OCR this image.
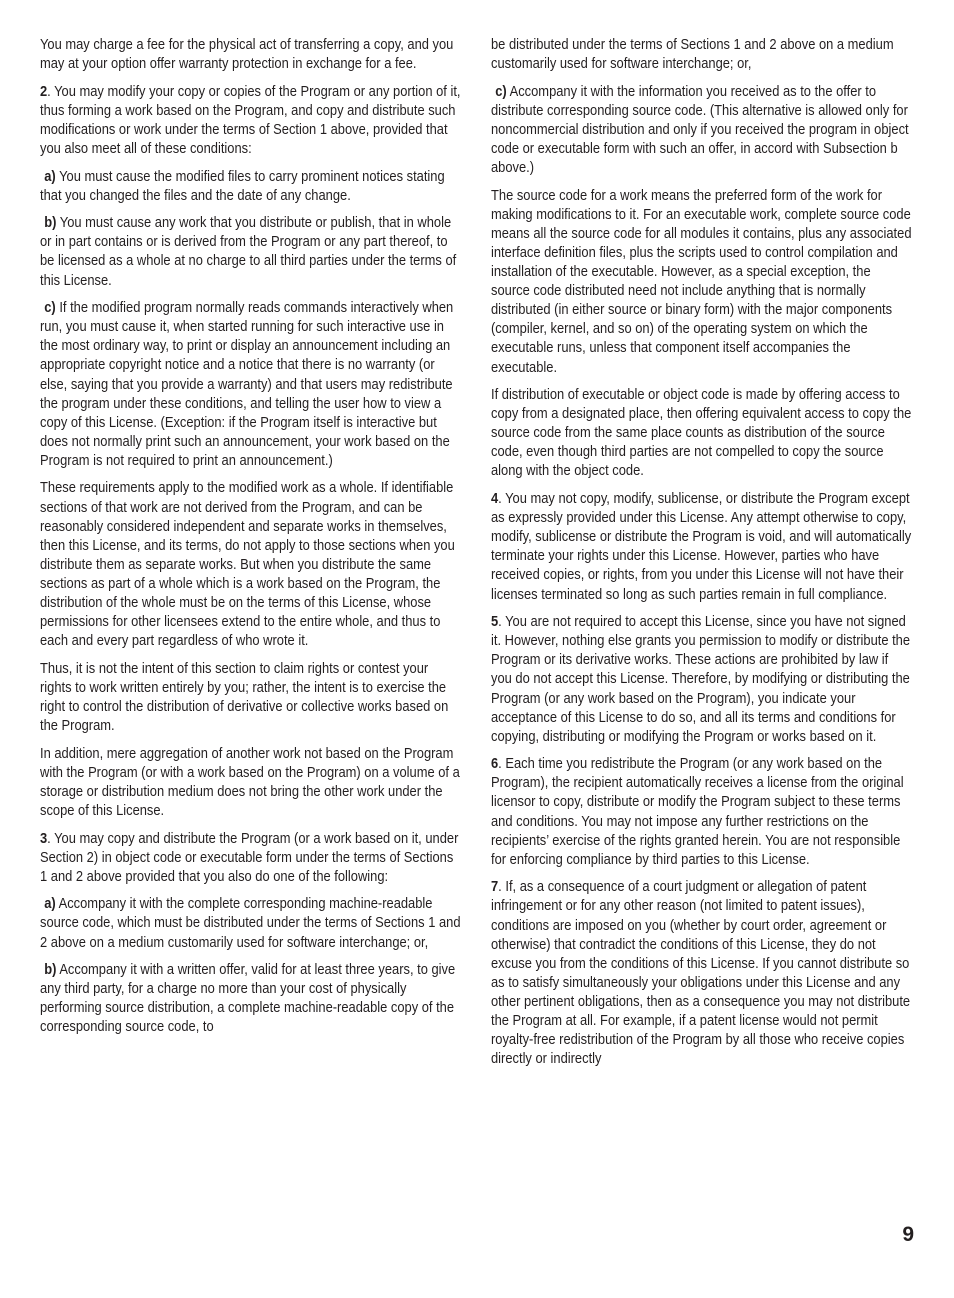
You may charge a fee for the physical act of transferring a copy, and you may at your option offer warranty protection in exchange for a fee.

2. You may modify your copy or copies of the Program or any portion of it, thus forming a work based on the Program, and copy and distribute such modifications or work under the terms of Section 1 above, provided that you also meet all of these conditions:

a) You must cause the modified files to carry prominent notices stating that you changed the files and the date of any change.

b) You must cause any work that you distribute or publish, that in whole or in part contains or is derived from the Program or any part thereof, to be licensed as a whole at no charge to all third parties under the terms of this License.

c) If the modified program normally reads commands interactively when run, you must cause it, when started running for such interactive use in the most ordinary way, to print or display an announcement including an appropriate copyright notice and a notice that there is no warranty (or else, saying that you provide a warranty) and that users may redistribute the program under these conditions, and telling the user how to view a copy of this License. (Exception: if the Program itself is interactive but does not normally print such an announcement, your work based on the Program is not required to print an announcement.)

These requirements apply to the modified work as a whole. If identifiable sections of that work are not derived from the Program, and can be reasonably considered independent and separate works in themselves, then this License, and its terms, do not apply to those sections when you distribute them as separate works. But when you distribute the same sections as part of a whole which is a work based on the Program, the distribution of the whole must be on the terms of this License, whose permissions for other licensees extend to the entire whole, and thus to each and every part regardless of who wrote it.

Thus, it is not the intent of this section to claim rights or contest your rights to work written entirely by you; rather, the intent is to exercise the right to control the distribution of derivative or collective works based on the Program.

In addition, mere aggregation of another work not based on the Program with the Program (or with a work based on the Program) on a volume of a storage or distribution medium does not bring the other work under the scope of this License.

3. You may copy and distribute the Program (or a work based on it, under Section 2) in object code or executable form under the terms of Sections 1 and 2 above provided that you also do one of the following:

a) Accompany it with the complete corresponding machine-readable source code, which must be distributed under the terms of Sections 1 and 2 above on a medium customarily used for software interchange; or,

b) Accompany it with a written offer, valid for at least three years, to give any third party, for a charge no more than your cost of physically performing source distribution, a complete machine-readable copy of the corresponding source code, to

be distributed under the terms of Sections 1 and 2 above on a medium customarily used for software interchange; or,

c) Accompany it with the information you received as to the offer to distribute corresponding source code. (This alternative is allowed only for noncommercial distribution and only if you received the program in object code or executable form with such an offer, in accord with Subsection b above.)

The source code for a work means the preferred form of the work for making modifications to it. For an executable work, complete source code means all the source code for all modules it contains, plus any associated interface definition files, plus the scripts used to control compilation and installation of the executable. However, as a special exception, the source code distributed need not include anything that is normally distributed (in either source or binary form) with the major components (compiler, kernel, and so on) of the operating system on which the executable runs, unless that component itself accompanies the executable.

If distribution of executable or object code is made by offering access to copy from a designated place, then offering equivalent access to copy the source code from the same place counts as distribution of the source code, even though third parties are not compelled to copy the source along with the object code.

4. You may not copy, modify, sublicense, or distribute the Program except as expressly provided under this License. Any attempt otherwise to copy, modify, sublicense or distribute the Program is void, and will automatically terminate your rights under this License. However, parties who have received copies, or rights, from you under this License will not have their licenses terminated so long as such parties remain in full compliance.

5. You are not required to accept this License, since you have not signed it. However, nothing else grants you permission to modify or distribute the Program or its derivative works. These actions are prohibited by law if you do not accept this License. Therefore, by modifying or distributing the Program (or any work based on the Program), you indicate your acceptance of this License to do so, and all its terms and conditions for copying, distributing or modifying the Program or works based on it.

6. Each time you redistribute the Program (or any work based on the Program), the recipient automatically receives a license from the original licensor to copy, distribute or modify the Program subject to these terms and conditions. You may not impose any further restrictions on the recipients’ exercise of the rights granted herein. You are not responsible for enforcing compliance by third parties to this License.

7. If, as a consequence of a court judgment or allegation of patent infringement or for any other reason (not limited to patent issues), conditions are imposed on you (whether by court order, agreement or otherwise) that contradict the conditions of this License, they do not excuse you from the conditions of this License. If you cannot distribute so as to satisfy simultaneously your obligations under this License and any other pertinent obligations, then as a consequence you may not distribute the Program at all. For example, if a patent license would not permit royalty-free redistribution of the Program by all those who receive copies directly or indirectly

9
